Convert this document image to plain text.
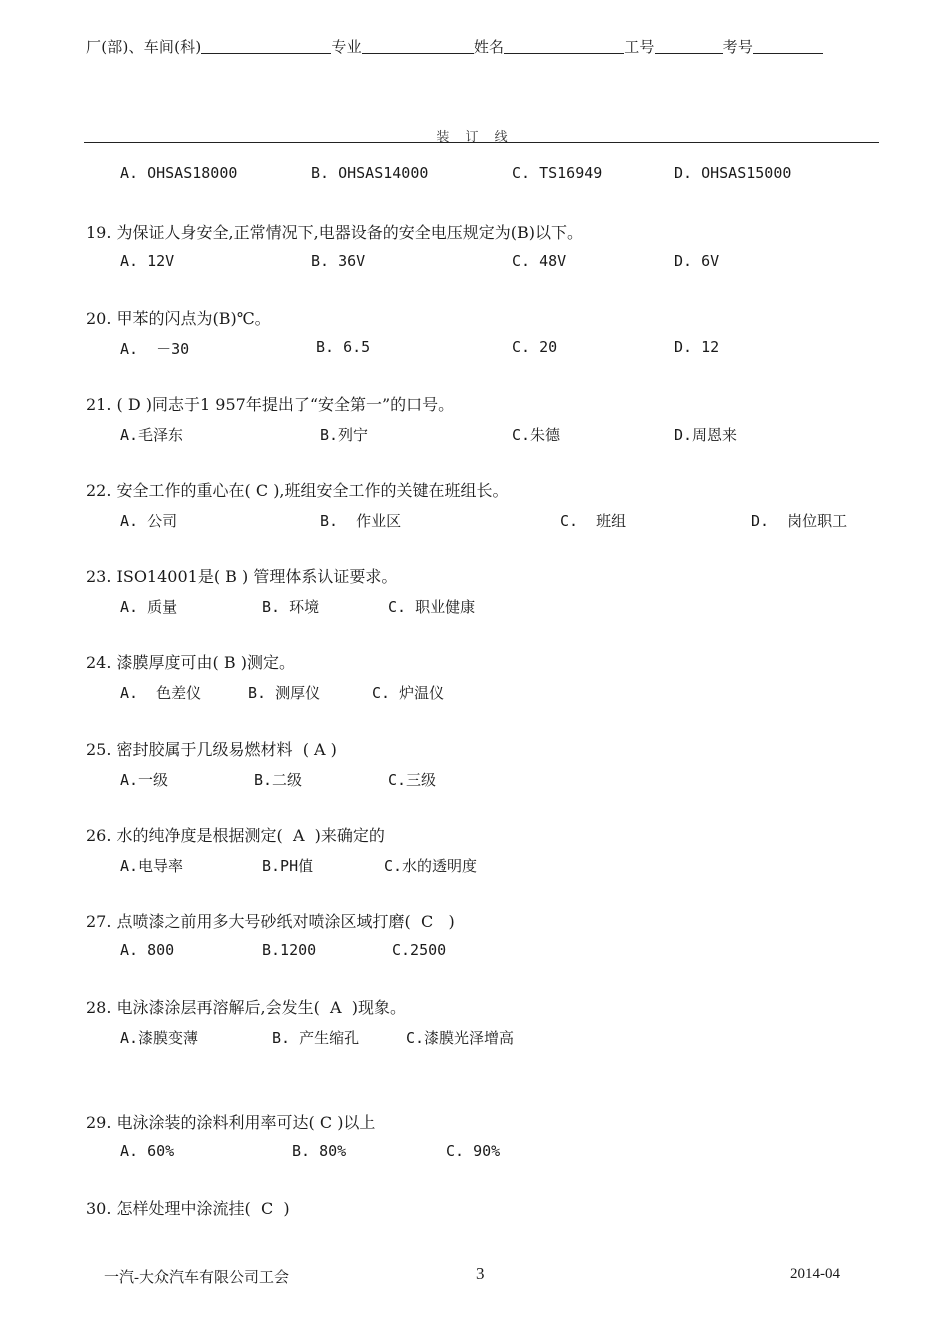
厂(部)、车间(科)	专业	姓名	工号	考号
装 订 线
A. OHSAS18000	B. OHSAS14000	C. TS16949	D. OHSAS15000
一汽-大众汽车有限公司工会	3	2014-04
19. 为保证人身安全,正常情况下,电器设备的安全电压规定为(B)以下。
A. 12V	B. 36V	C. 48V	D. 6V
20. 甲苯的闪点为(B)℃。
A.  －30	B. 6.5	C. 20	D. 12
21. ( D )同志于1 957年提出了“安全第一”的口号。
A.毛泽东	B.列宁	C.朱德	D.周恩来
22. 安全工作的重心在( C ),班组安全工作的关键在班组长。
A. 公司	B.  作业区	C.  班组	D.  岗位职工
23. ISO14001是( B ) 管理体系认证要求。
A. 质量	B. 环境	C. 职业健康
24. 漆膜厚度可由( B )测定。
A.  色差仪	B. 测厚仪	C. 炉温仪
25. 密封胶属于几级易燃材料  ( A )
A.一级	B.二级	C.三级
26. 水的纯净度是根据测定(  A  )来确定的
A.电导率	B.PH值	C.水的透明度
27. 点喷漆之前用多大号砂纸对喷涂区域打磨(  C   )
A. 800	B.1200	C.2500
28. 电泳漆涂层再溶解后,会发生(  A  )现象。
A.漆膜变薄	B. 产生缩孔	C.漆膜光泽增高
29. 电泳涂装的涂料利用率可达( C )以上
A. 60%	B. 80%	C. 90%
30. 怎样处理中涂流挂(  C  )
